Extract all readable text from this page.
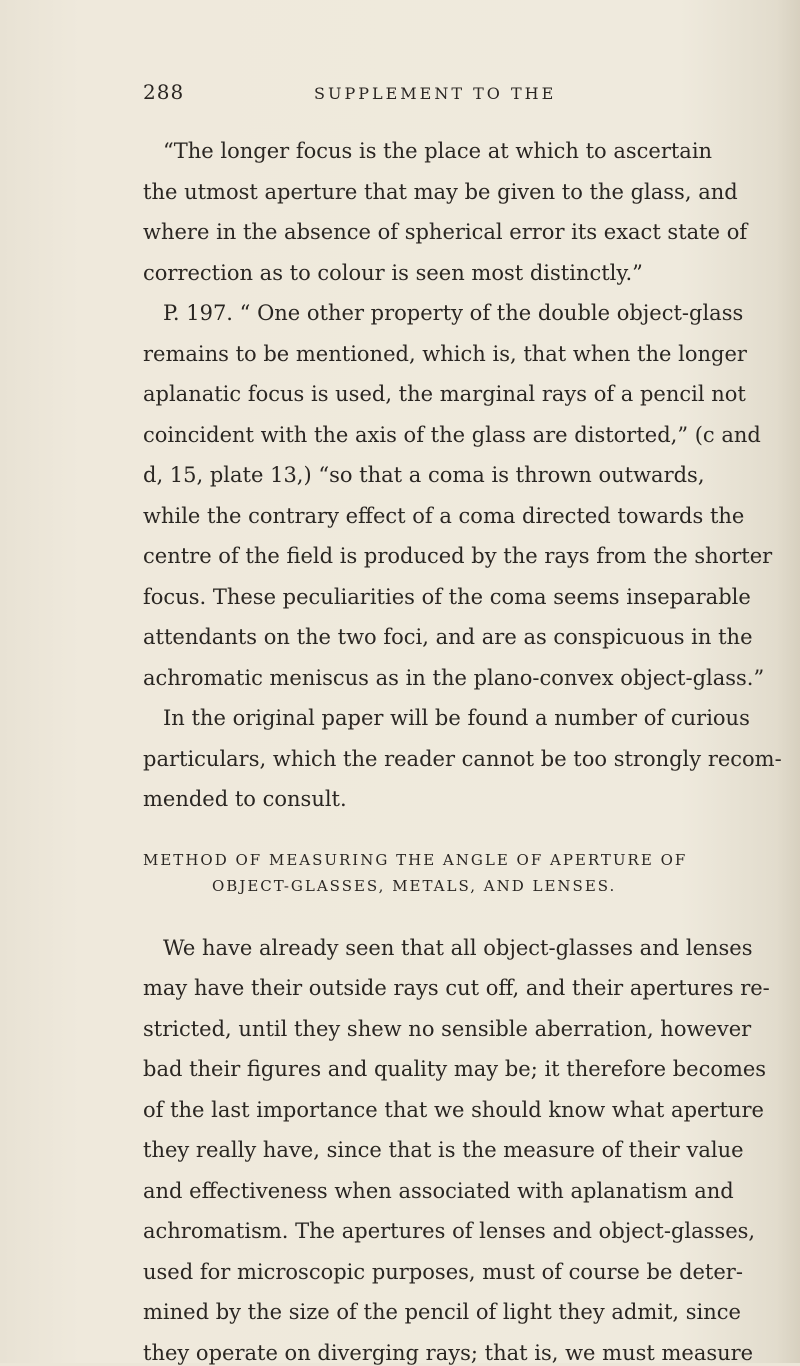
288	SUPPLEMENT TO THE
“The longer focus is the place at which to ascertain
the utmost aperture that may be given to the glass, and
where in the absence of spherical error its exact state of
correction as to colour is seen most distinctly.”
P. 197. “ One other property of the double object-glass
remains to be mentioned, which is, that when the longer
aplanatic focus is used, the marginal rays of a pencil not
coincident with the axis of the glass are distorted,” (c and
d, 15, plate 13,) “so that a coma is thrown outwards,
while the contrary effect of a coma directed towards the
centre of the field is produced by the rays from the shorter
focus. These peculiarities of the coma seems inseparable
attendants on the two foci, and are as conspicuous in the
achromatic meniscus as in the plano-convex object-glass.”
In the original paper will be found a number of curious
particulars, which the reader cannot be too strongly recom-
mended to consult.
METHOD OF MEASURING THE ANGLE OF APERTURE OF
OBJECT-GLASSES, METALS, AND LENSES.
We have already seen that all object-glasses and lenses
may have their outside rays cut off, and their apertures re-
stricted, until they shew no sensible aberration, however
bad their figures and quality may be; it therefore becomes
of the last importance that we should know what aperture
they really have, since that is the measure of their value
and effectiveness when associated with aplanatism and
achromatism. The apertures of lenses and object-glasses,
used for microscopic purposes, must of course be deter-
mined by the size of the pencil of light they admit, since
they operate on diverging rays; that is, we must measure
